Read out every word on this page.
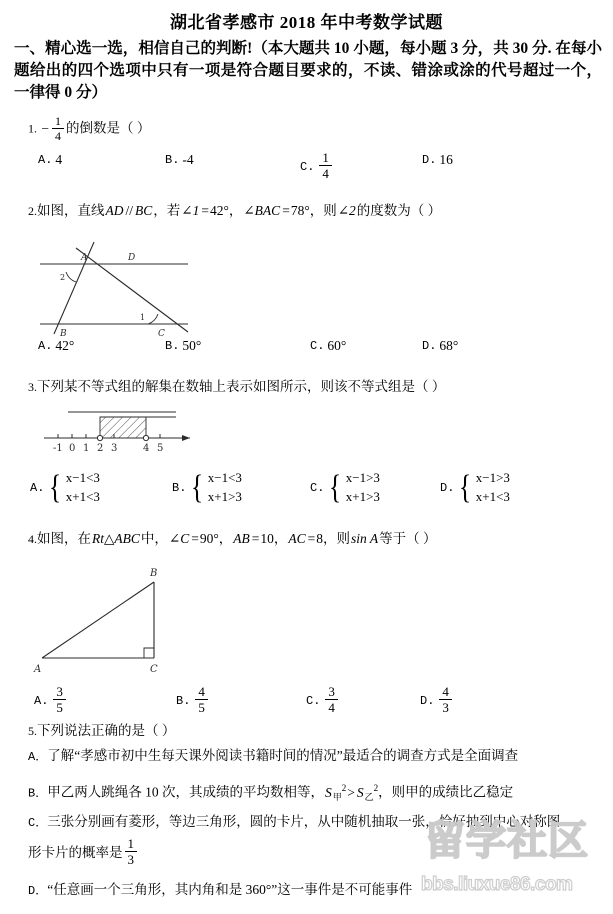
湖北省孝感市 2018 年中考数学试题
一、精心选一选，相信自己的判断!（本大题共 10 小题，每小题 3 分，共 30 分. 在每小题给出的四个选项中只有一项是符合题目要求的，不读、错涂或涂的代号超过一个，一律得 0 分）
1. − $\frac{1}{4}$ 的倒数是（ ）
A. 4	B. -4	C. $\frac{1}{4}$	D. 16
2.如图，直线AD // BC，若∠1 =42°，∠BAC =78°，则∠2的度数为（ ）
A	D
B	C
2
1
A. 42°	B. 50°	C. 60°	D. 68°
3.下列某不等式组的解集在数轴上表示如图所示，则该不等式组是（ ）
-1 0 1 2 3	4 5
A. { x−1<3
x+1<3
B. { x−1<3
x+1>3
C. { x−1>3
x+1>3
D. { x−1>3
x+1<3
4.如图，在Rt△ABC中，∠C =90°，AB =10，AC =8，则sin A等于（ ）
B
A	C
A. $\frac{3}{5}$	B. $\frac{4}{5}$	C. $\frac{3}{4}$	D. $\frac{4}{3}$
5.下列说法正确的是（ ）
A．了解“孝感市初中生每天课外阅读书籍时间的情况”最适合的调查方式是全面调查
B．甲乙两人跳绳各 10 次，其成绩的平均数相等，$S_甲^2> S_乙^2$，则甲的成绩比乙稳定
C．三张分别画有菱形，等边三角形，圆的卡片，从中随机抽取一张，恰好抽到中心对称图
形卡片的概率是 $\frac{1}{3}$
D．“任意画一个三角形，其内角和是 360°”这一事件是不可能事件
留学社区
bbs.liuxue86.com
